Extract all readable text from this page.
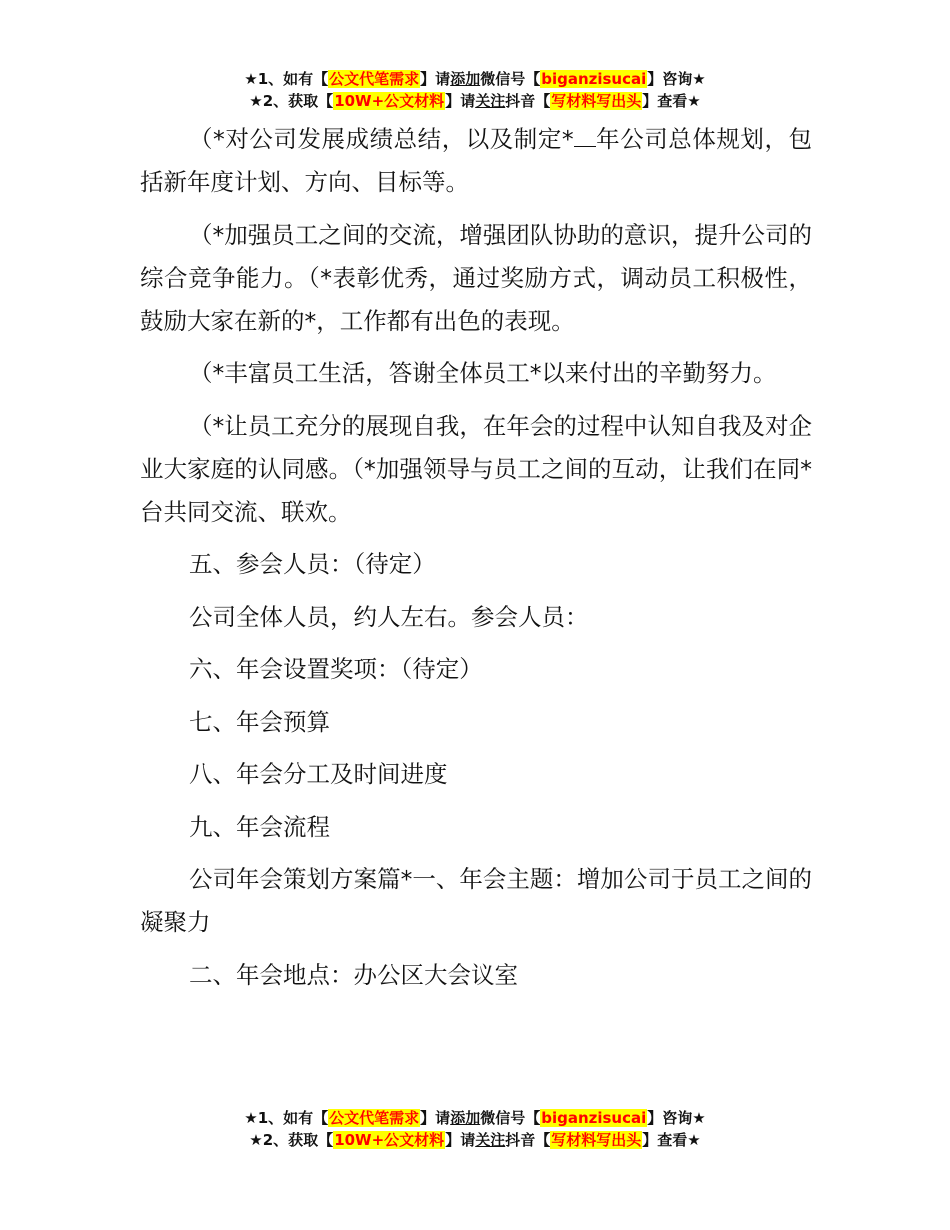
★1、如有【公文代笔需求】请添加微信号【biganzisucai】咨询★
★2、获取【10W+公文材料】请关注抖音【写材料写出头】查看★

（*对公司发展成绩总结，以及制定* 年公司总体规划，包括新年度计划、方向、目标等。

（*加强员工之间的交流，增强团队协助的意识，提升公司的综合竞争能力。（*表彰优秀，通过奖励方式，调动员工积极性，鼓励大家在新的*，工作都有出色的表现。

（*丰富员工生活，答谢全体员工*以来付出的辛勤努力。

（*让员工充分的展现自我，在年会的过程中认知自我及对企业大家庭的认同感。（*加强领导与员工之间的互动，让我们在同*台共同交流、联欢。

五、参会人员：（待定）

公司全体人员，约人左右。参会人员：

六、年会设置奖项：（待定）

七、年会预算

八、年会分工及时间进度

九、年会流程

公司年会策划方案篇*一、年会主题：增加公司于员工之间的凝聚力

二、年会地点：办公区大会议室

★1、如有【公文代笔需求】请添加微信号【biganzisucai】咨询★
★2、获取【10W+公文材料】请关注抖音【写材料写出头】查看★
